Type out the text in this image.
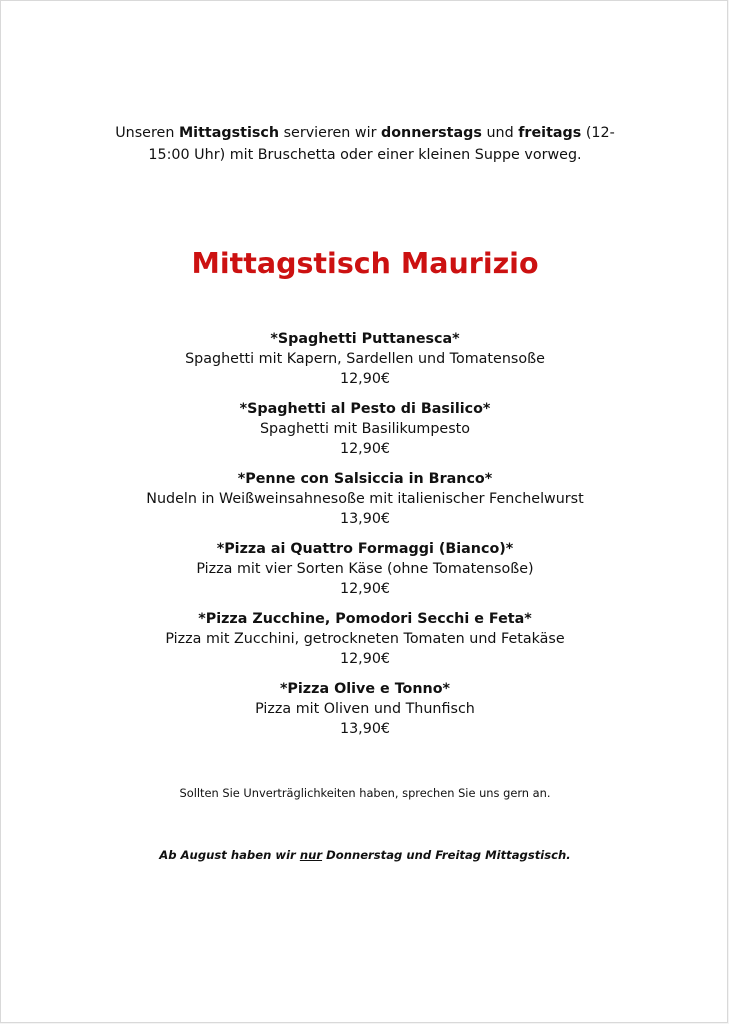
Unseren Mittagstisch servieren wir donnerstags und freitags (12-15:00 Uhr) mit Bruschetta oder einer kleinen Suppe vorweg.
Mittagstisch Maurizio
*Spaghetti Puttanesca*
Spaghetti mit Kapern, Sardellen und Tomatensoße
12,90€
*Spaghetti al Pesto di Basilico*
Spaghetti mit Basilikumpesto
12,90€
*Penne con Salsiccia in Branco*
Nudeln in Weißweinsahnesoße mit italienischer Fenchelwurst
13,90€
*Pizza ai Quattro Formaggi (Bianco)*
Pizza mit vier Sorten Käse (ohne Tomatensoße)
12,90€
*Pizza Zucchine, Pomodori Secchi e Feta*
Pizza mit Zucchini, getrockneten Tomaten und Fetakäse
12,90€
*Pizza Olive e Tonno*
Pizza mit Oliven und Thunfisch
13,90€
Sollten Sie Unverträglichkeiten haben, sprechen Sie uns gern an.
Ab August haben wir nur Donnerstag und Freitag Mittagstisch.
